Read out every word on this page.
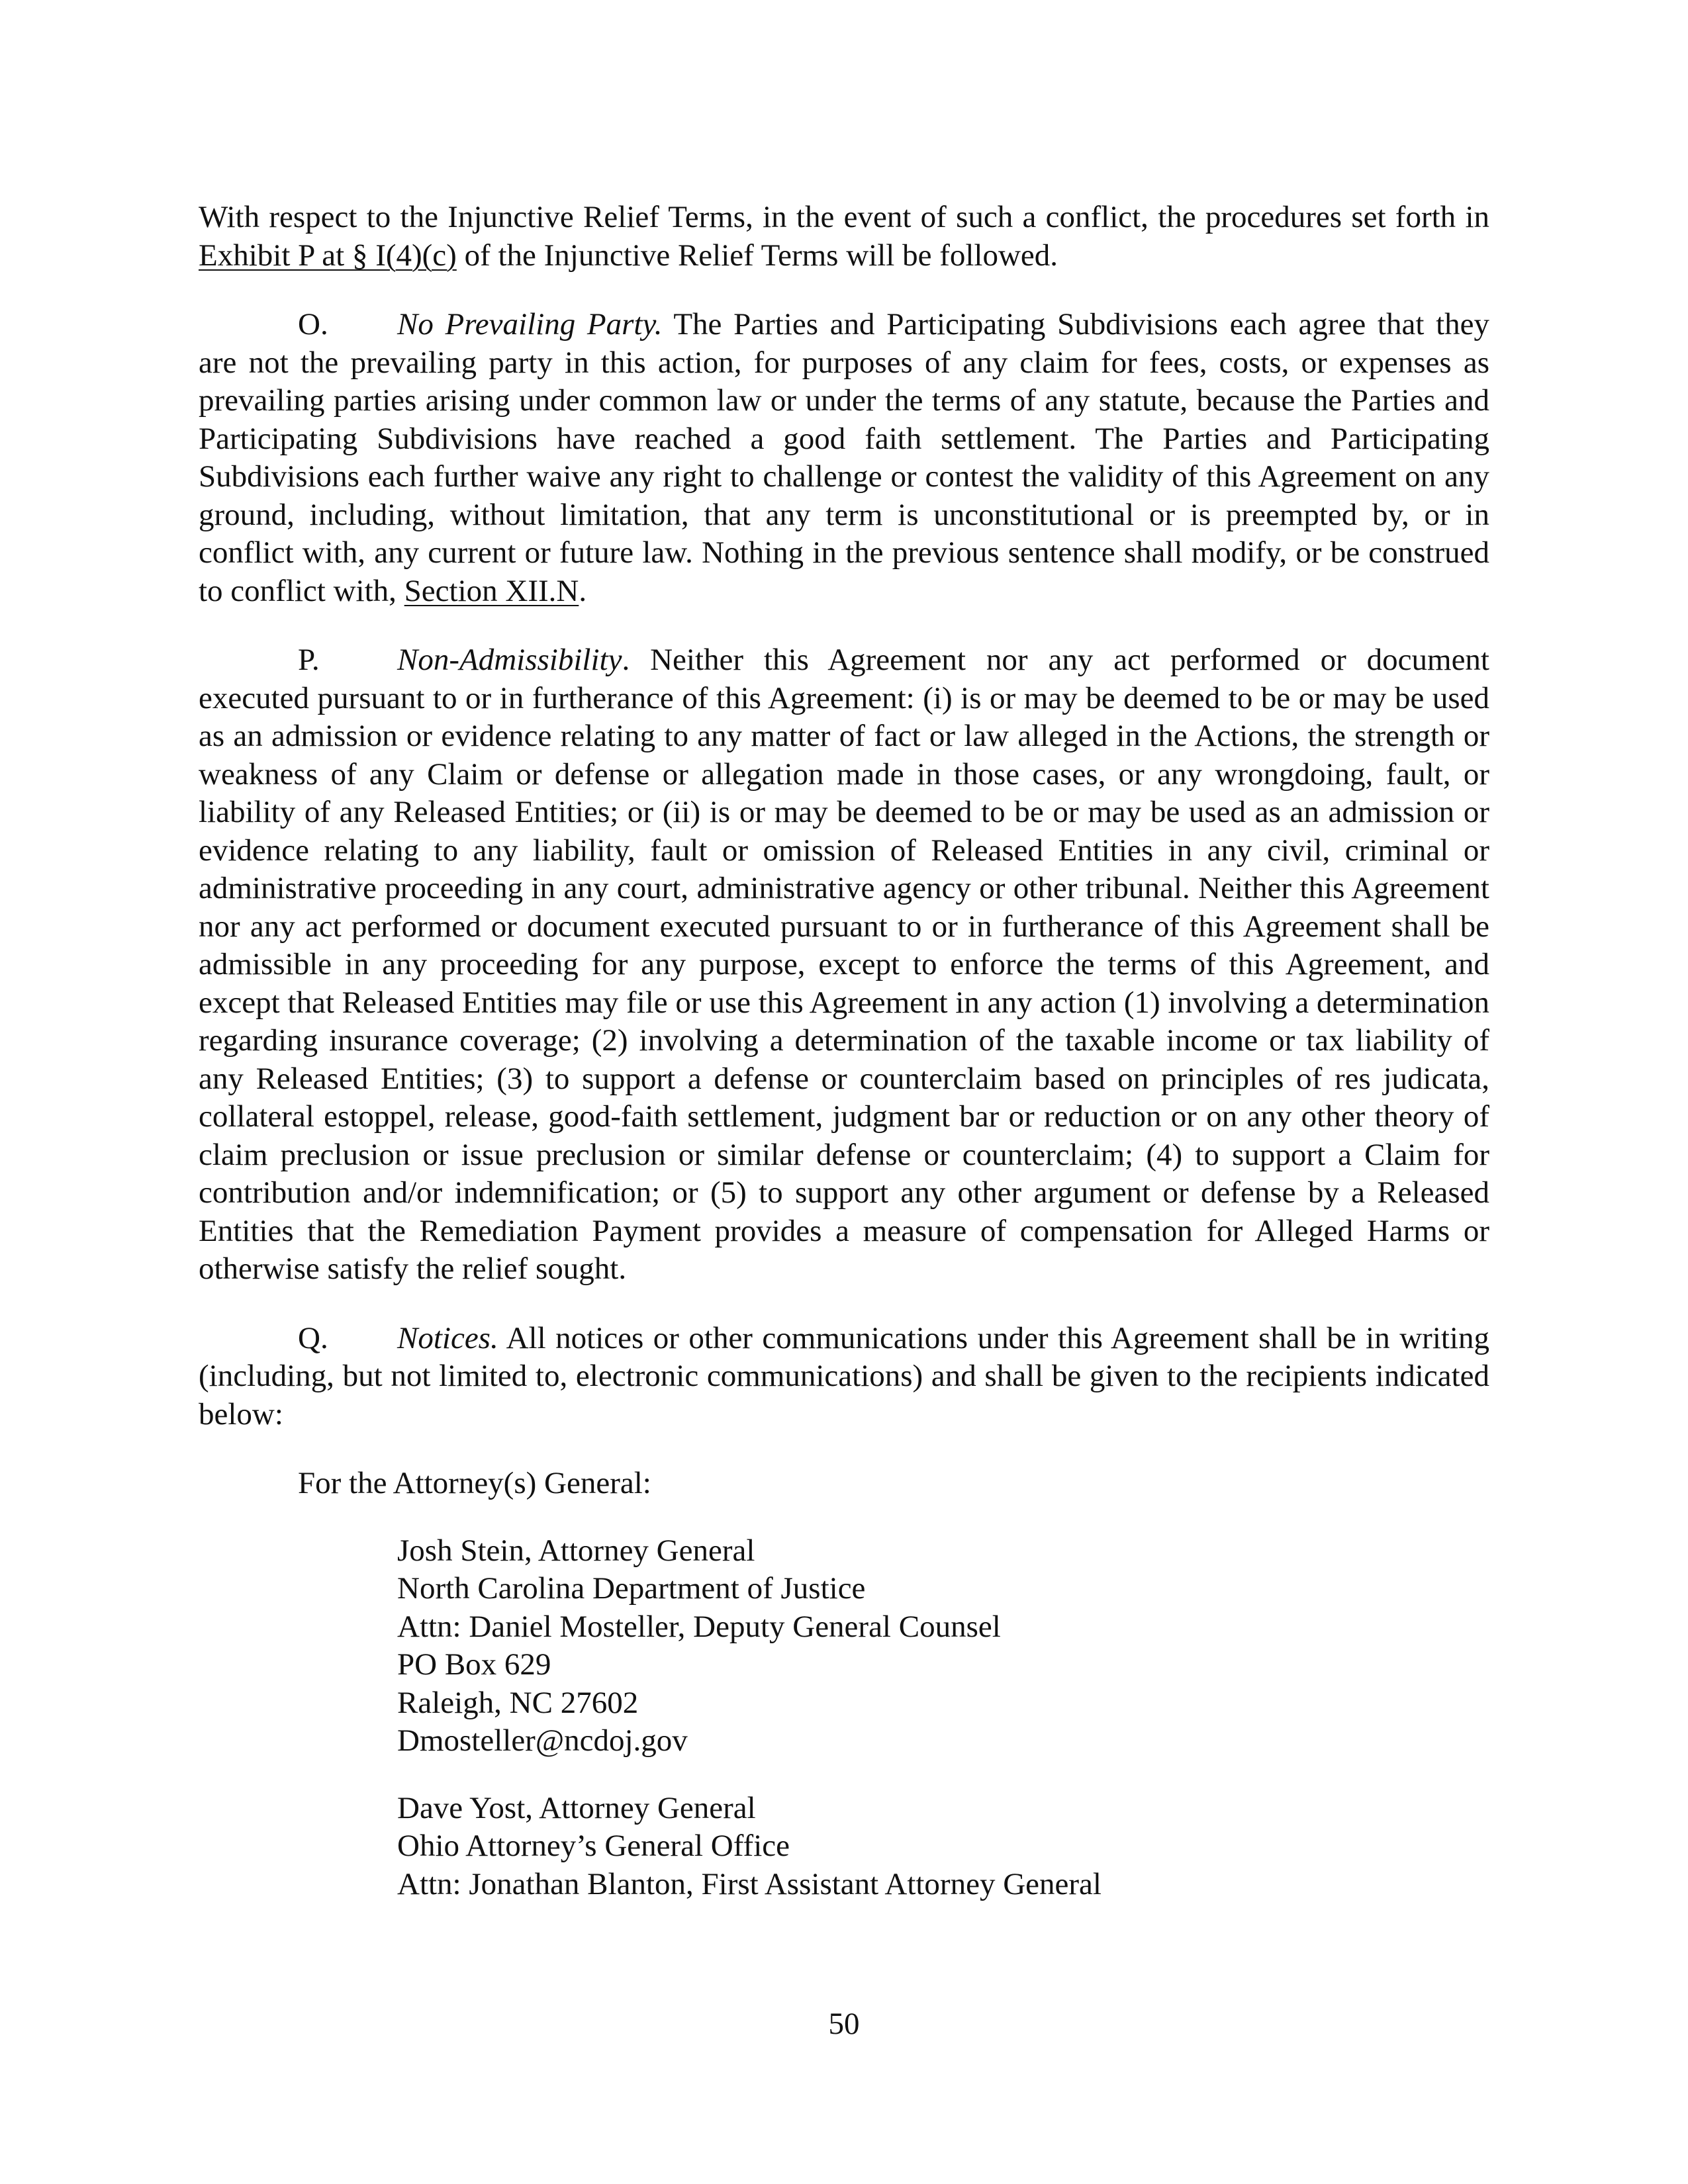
With respect to the Injunctive Relief Terms, in the event of such a conflict, the procedures set forth in Exhibit P at § I(4)(c) of the Injunctive Relief Terms will be followed.

O. No Prevailing Party. The Parties and Participating Subdivisions each agree that they are not the prevailing party in this action, for purposes of any claim for fees, costs, or expenses as prevailing parties arising under common law or under the terms of any statute, because the Parties and Participating Subdivisions have reached a good faith settlement. The Parties and Participating Subdivisions each further waive any right to challenge or contest the validity of this Agreement on any ground, including, without limitation, that any term is unconstitutional or is preempted by, or in conflict with, any current or future law. Nothing in the previous sentence shall modify, or be construed to conflict with, Section XII.N.

P. Non-Admissibility. Neither this Agreement nor any act performed or document executed pursuant to or in furtherance of this Agreement: (i) is or may be deemed to be or may be used as an admission or evidence relating to any matter of fact or law alleged in the Actions, the strength or weakness of any Claim or defense or allegation made in those cases, or any wrongdoing, fault, or liability of any Released Entities; or (ii) is or may be deemed to be or may be used as an admission or evidence relating to any liability, fault or omission of Released Entities in any civil, criminal or administrative proceeding in any court, administrative agency or other tribunal. Neither this Agreement nor any act performed or document executed pursuant to or in furtherance of this Agreement shall be admissible in any proceeding for any purpose, except to enforce the terms of this Agreement, and except that Released Entities may file or use this Agreement in any action (1) involving a determination regarding insurance coverage; (2) involving a determination of the taxable income or tax liability of any Released Entities; (3) to support a defense or counterclaim based on principles of res judicata, collateral estoppel, release, good-faith settlement, judgment bar or reduction or on any other theory of claim preclusion or issue preclusion or similar defense or counterclaim; (4) to support a Claim for contribution and/or indemnification; or (5) to support any other argument or defense by a Released Entities that the Remediation Payment provides a measure of compensation for Alleged Harms or otherwise satisfy the relief sought.

Q. Notices. All notices or other communications under this Agreement shall be in writing (including, but not limited to, electronic communications) and shall be given to the recipients indicated below:

For the Attorney(s) General:

Josh Stein, Attorney General
North Carolina Department of Justice
Attn: Daniel Mosteller, Deputy General Counsel
PO Box 629
Raleigh, NC 27602
Dmosteller@ncdoj.gov
Dave Yost, Attorney General
Ohio Attorney’s General Office
Attn: Jonathan Blanton, First Assistant Attorney General
50
